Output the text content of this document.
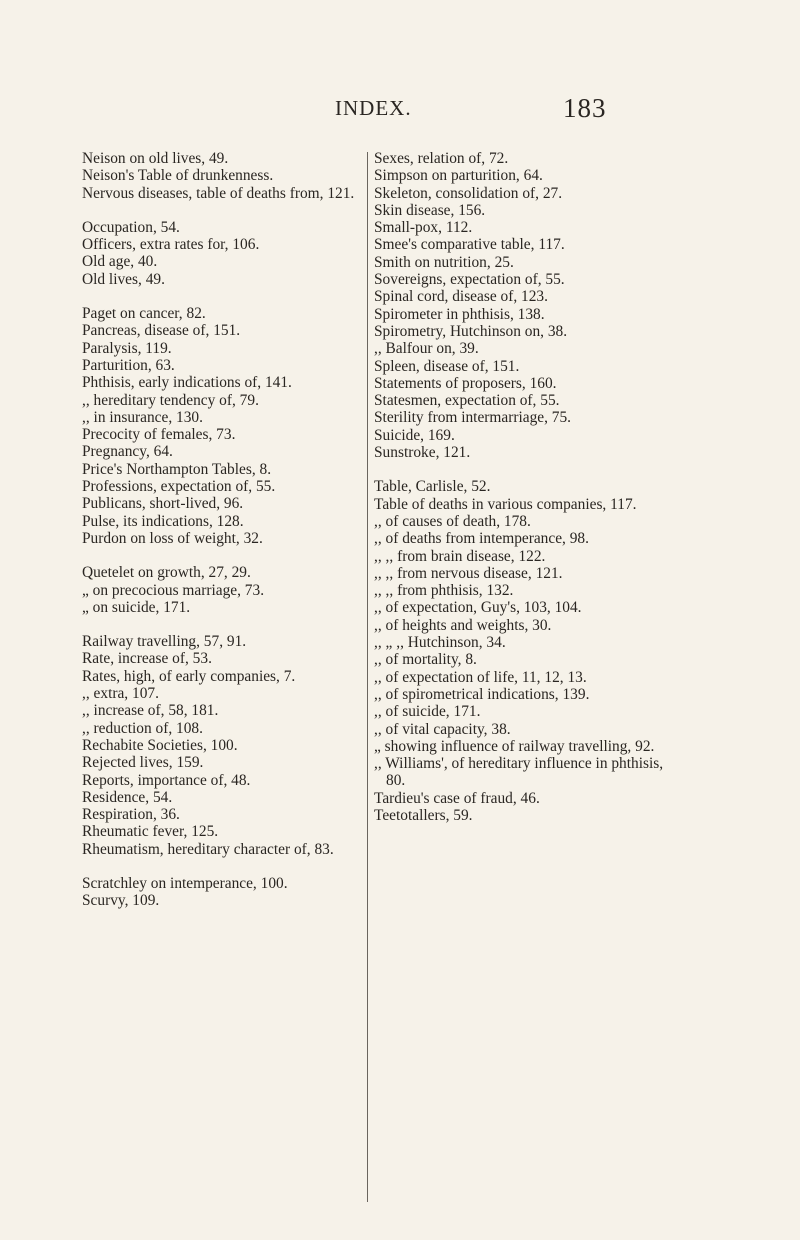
INDEX.	183

Neison on old lives, 49.

Neison's Table of drunkenness.

Nervous diseases, table of deaths from, 121.

Occupation, 54.

Officers, extra rates for, 106.

Old age, 40.

Old lives, 49.

Paget on cancer, 82.

Pancreas, disease of, 151.

Paralysis, 119.

Parturition, 63.

Phthisis, early indications of, 141.

,, hereditary tendency of, 79.

,, in insurance, 130.

Precocity of females, 73.

Pregnancy, 64.

Price's Northampton Tables, 8.

Professions, expectation of, 55.

Publicans, short-lived, 96.

Pulse, its indications, 128.

Purdon on loss of weight, 32.

Quetelet on growth, 27, 29.

„ on precocious marriage, 73.

„ on suicide, 171.

Railway travelling, 57, 91.

Rate, increase of, 53.

Rates, high, of early companies, 7.

,, extra, 107.

,, increase of, 58, 181.

,, reduction of, 108.

Rechabite Societies, 100.

Rejected lives, 159.

Reports, importance of, 48.

Residence, 54.

Respiration, 36.

Rheumatic fever, 125.

Rheumatism, hereditary character of, 83.

Scratchley on intemperance, 100.

Scurvy, 109.

Sexes, relation of, 72.

Simpson on parturition, 64.

Skeleton, consolidation of, 27.

Skin disease, 156.

Small-pox, 112.

Smee's comparative table, 117.

Smith on nutrition, 25.

Sovereigns, expectation of, 55.

Spinal cord, disease of, 123.

Spirometer in phthisis, 138.

Spirometry, Hutchinson on, 38.

,, Balfour on, 39.

Spleen, disease of, 151.

Statements of proposers, 160.

Statesmen, expectation of, 55.

Sterility from intermarriage, 75.

Suicide, 169.

Sunstroke, 121.

Table, Carlisle, 52.

Table of deaths in various companies, 117.

,, of causes of death, 178.

,, of deaths from intemperance, 98.

,, ,, from brain disease, 122.

,, ,, from nervous disease, 121.

,, ,, from phthisis, 132.

,, of expectation, Guy's, 103, 104.

,, of heights and weights, 30.

,, „ ,, Hutchinson, 34.

,, of mortality, 8.

,, of expectation of life, 11, 12, 13.

,, of spirometrical indications, 139.

,, of suicide, 171.

,, of vital capacity, 38.

„ showing influence of railway travelling, 92.

,, Williams', of hereditary influence in phthisis, 80.

Tardieu's case of fraud, 46.

Teetotallers, 59.
